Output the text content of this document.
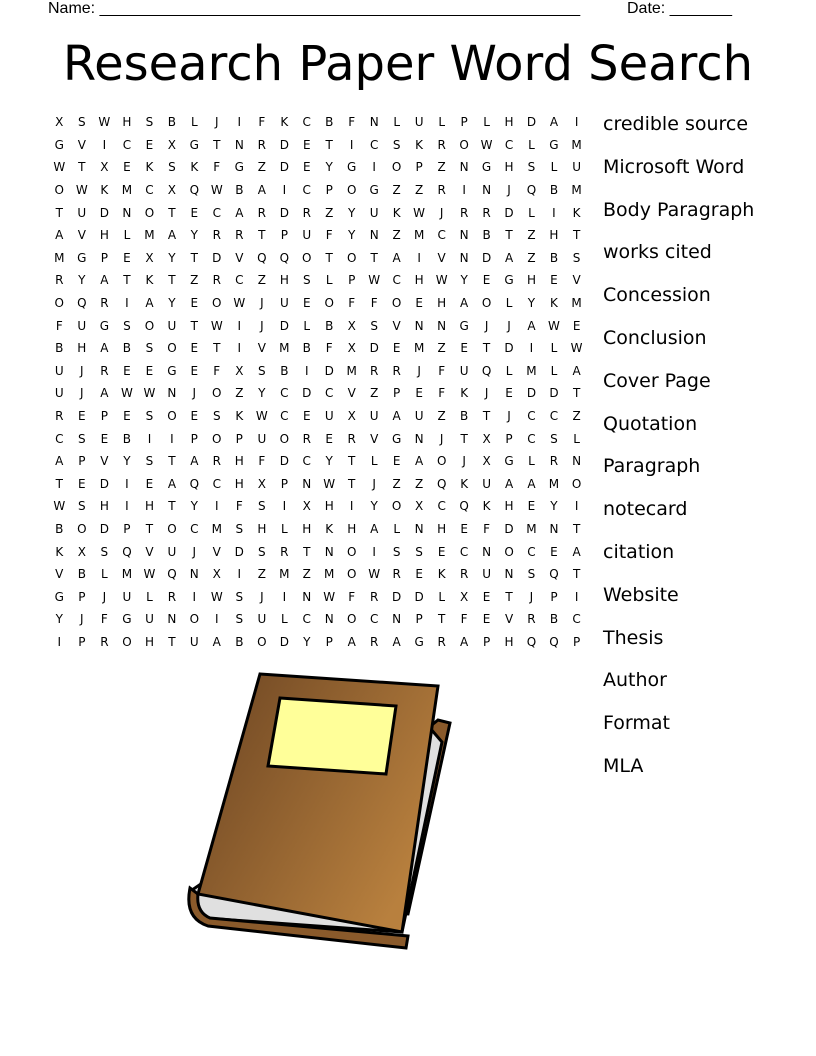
Name: ______________________________________________________	Date: _______
Research Paper Word Search
X	S	W	H	S	B	L	J	I	F	K	C	B	F	N	L	U	L	P	L	H	D	A	I
G	V	I	C	E	X	G	T	N	R	D	E	T	I	C	S	K	R	O	W	C	L	G	M
W	T	X	E	K	S	K	F	G	Z	D	E	Y	G	I	O	P	Z	N	G	H	S	L	U
O	W	K	M	C	X	Q	W	B	A	I	C	P	O	G	Z	Z	R	I	N	J	Q	B	M
T	U	D	N	O	T	E	C	A	R	D	R	Z	Y	U	K	W	J	R	R	D	L	I	K
A	V	H	L	M	A	Y	R	R	T	P	U	F	Y	N	Z	M	C	N	B	T	Z	H	T
M	G	P	E	X	Y	T	D	V	Q	Q	O	T	O	T	A	I	V	N	D	A	Z	B	S
R	Y	A	T	K	T	Z	R	C	Z	H	S	L	P	W	C	H	W	Y	E	G	H	E	V
O	Q	R	I	A	Y	E	O	W	J	U	E	O	F	F	O	E	H	A	O	L	Y	K	M
F	U	G	S	O	U	T	W	I	J	D	L	B	X	S	V	N	N	G	J	J	A	W	E
B	H	A	B	S	O	E	T	I	V	M	B	F	X	D	E	M	Z	E	T	D	I	L	W
U	J	R	E	E	G	E	F	X	S	B	I	D	M	R	R	J	F	U	Q	L	M	L	A
U	J	A	W	W	N	J	O	Z	Y	C	D	C	V	Z	P	E	F	K	J	E	D	D	T
R	E	P	E	S	O	E	S	K	W	C	E	U	X	U	A	U	Z	B	T	J	C	C	Z
C	S	E	B	I	I	P	O	P	U	O	R	E	R	V	G	N	J	T	X	P	C	S	L
A	P	V	Y	S	T	A	R	H	F	D	C	Y	T	L	E	A	O	J	X	G	L	R	N
T	E	D	I	E	A	Q	C	H	X	P	N	W	T	J	Z	Z	Q	K	U	A	A	M	O
W	S	H	I	H	T	Y	I	F	S	I	X	H	I	Y	O	X	C	Q	K	H	E	Y	I
B	O	D	P	T	O	C	M	S	H	L	H	K	H	A	L	N	H	E	F	D	M	N	T
K	X	S	Q	V	U	J	V	D	S	R	T	N	O	I	S	S	E	C	N	O	C	E	A
V	B	L	M	W	Q	N	X	I	Z	M	Z	M	O	W	R	E	K	R	U	N	S	Q	T
G	P	J	U	L	R	I	W	S	J	I	N	W	F	R	D	D	L	X	E	T	J	P	I
Y	J	F	G	U	N	O	I	S	U	L	C	N	O	C	N	P	T	F	E	V	R	B	C
I	P	R	O	H	T	U	A	B	O	D	Y	P	A	R	A	G	R	A	P	H	Q	Q	P
credible source
Microsoft Word
Body Paragraph
works cited
Concession
Conclusion
Cover Page
Quotation
Paragraph
notecard
citation
Website
Thesis
Author
Format
MLA
